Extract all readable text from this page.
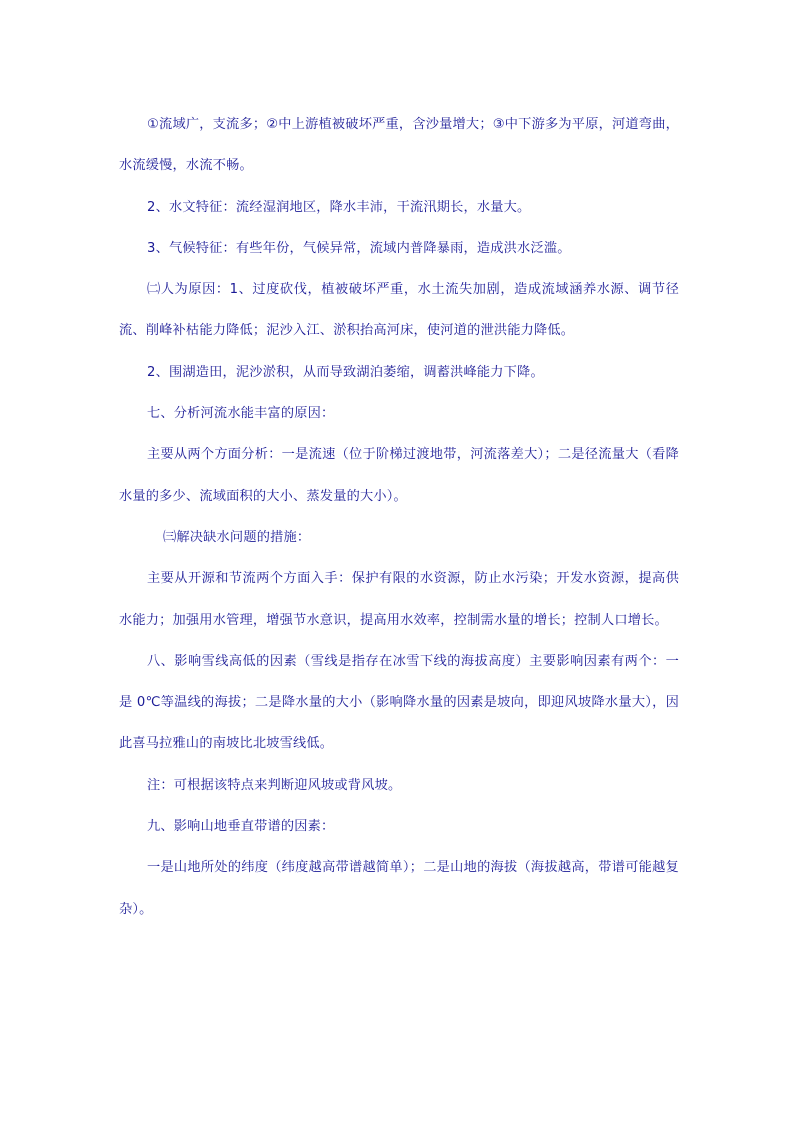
①流域广，支流多；②中上游植被破坏严重，含沙量增大；③中下游多为平原，河道弯曲，水流缓慢，水流不畅。

2、水文特征：流经湿润地区，降水丰沛，干流汛期长，水量大。

3、气候特征：有些年份，气候异常，流域内普降暴雨，造成洪水泛滥。

㈡人为原因：1、过度砍伐，植被破坏严重，水土流失加剧，造成流域涵养水源、调节径流、削峰补枯能力降低；泥沙入江、淤积抬高河床，使河道的泄洪能力降低。

2、围湖造田，泥沙淤积，从而导致湖泊萎缩，调蓄洪峰能力下降。

七、分析河流水能丰富的原因：

主要从两个方面分析：一是流速（位于阶梯过渡地带，河流落差大）；二是径流量大（看降水量的多少、流域面积的大小、蒸发量的大小）。

㈢解决缺水问题的措施：

主要从开源和节流两个方面入手：保护有限的水资源，防止水污染；开发水资源，提高供水能力；加强用水管理，增强节水意识，提高用水效率，控制需水量的增长；控制人口增长。

八、影响雪线高低的因素（雪线是指存在冰雪下线的海拔高度）主要影响因素有两个：一是 0℃等温线的海拔；二是降水量的大小（影响降水量的因素是坡向，即迎风坡降水量大），因此喜马拉雅山的南坡比北坡雪线低。

注：可根据该特点来判断迎风坡或背风坡。

九、影响山地垂直带谱的因素：

一是山地所处的纬度（纬度越高带谱越简单）；二是山地的海拔（海拔越高，带谱可能越复杂）。
